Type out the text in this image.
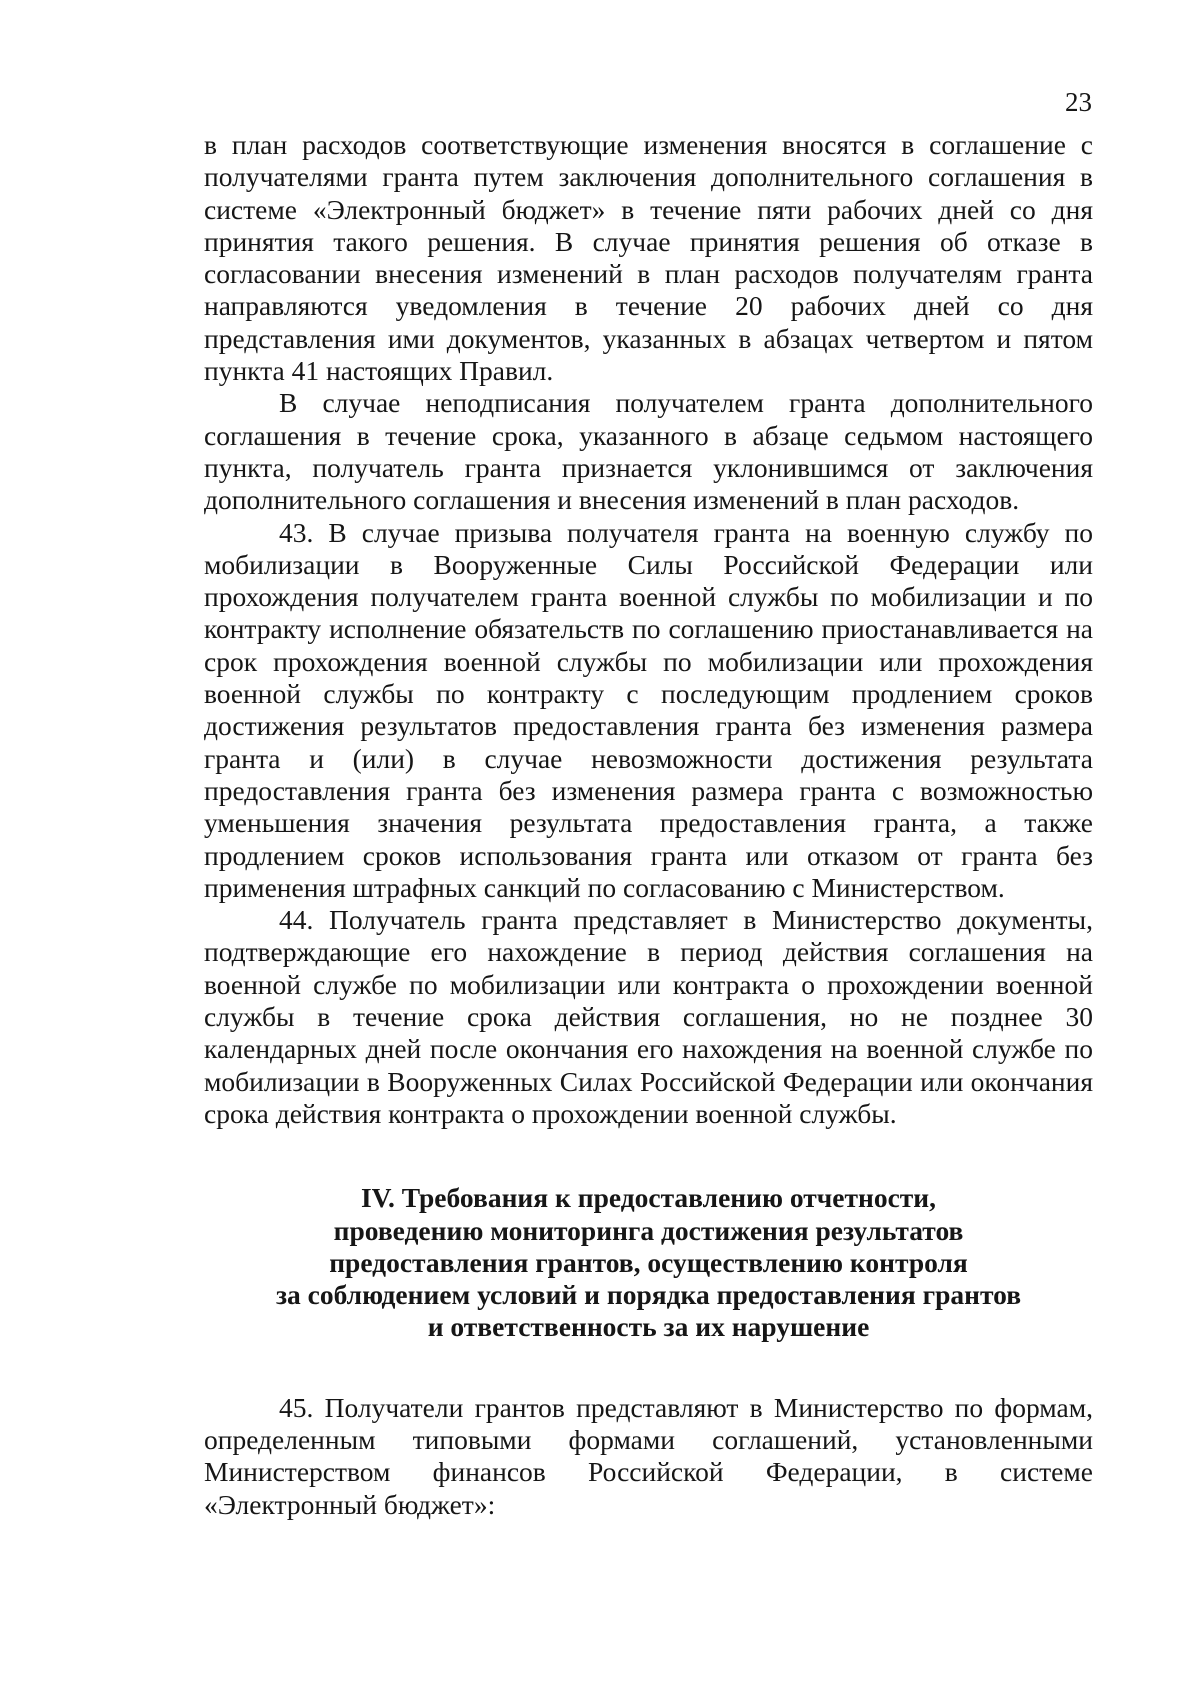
23

в план расходов соответствующие изменения вносятся в соглашение с получателями гранта путем заключения дополнительного соглашения в системе «Электронный бюджет» в течение пяти рабочих дней со дня принятия такого решения. В случае принятия решения об отказе в согласовании внесения изменений в план расходов получателям гранта направляются уведомления в течение 20 рабочих дней со дня представления ими документов, указанных в абзацах четвертом и пятом пункта 41 настоящих Правил.

В случае неподписания получателем гранта дополнительного соглашения в течение срока, указанного в абзаце седьмом настоящего пункта, получатель гранта признается уклонившимся от заключения дополнительного соглашения и внесения изменений в план расходов.

43. В случае призыва получателя гранта на военную службу по мобилизации в Вооруженные Силы Российской Федерации или прохождения получателем гранта военной службы по мобилизации и по контракту исполнение обязательств по соглашению приостанавливается на срок прохождения военной службы по мобилизации или прохождения военной службы по контракту с последующим продлением сроков достижения результатов предоставления гранта без изменения размера гранта и (или) в случае невозможности достижения результата предоставления гранта без изменения размера гранта с возможностью уменьшения значения результата предоставления гранта, а также продлением сроков использования гранта или отказом от гранта без применения штрафных санкций по согласованию с Министерством.

44. Получатель гранта представляет в Министерство документы, подтверждающие его нахождение в период действия соглашения на военной службе по мобилизации или контракта о прохождении военной службы в течение срока действия соглашения, но не позднее 30 календарных дней после окончания его нахождения на военной службе по мобилизации в Вооруженных Силах Российской Федерации или окончания срока действия контракта о прохождении военной службы.

IV. Требования к предоставлению отчетности,
проведению мониторинга достижения результатов
предоставления грантов, осуществлению контроля
за соблюдением условий и порядка предоставления грантов
и ответственность за их нарушение

45. Получатели грантов представляют в Министерство по формам, определенным типовыми формами соглашений, установленными Министерством финансов Российской Федерации, в системе «Электронный бюджет»:
